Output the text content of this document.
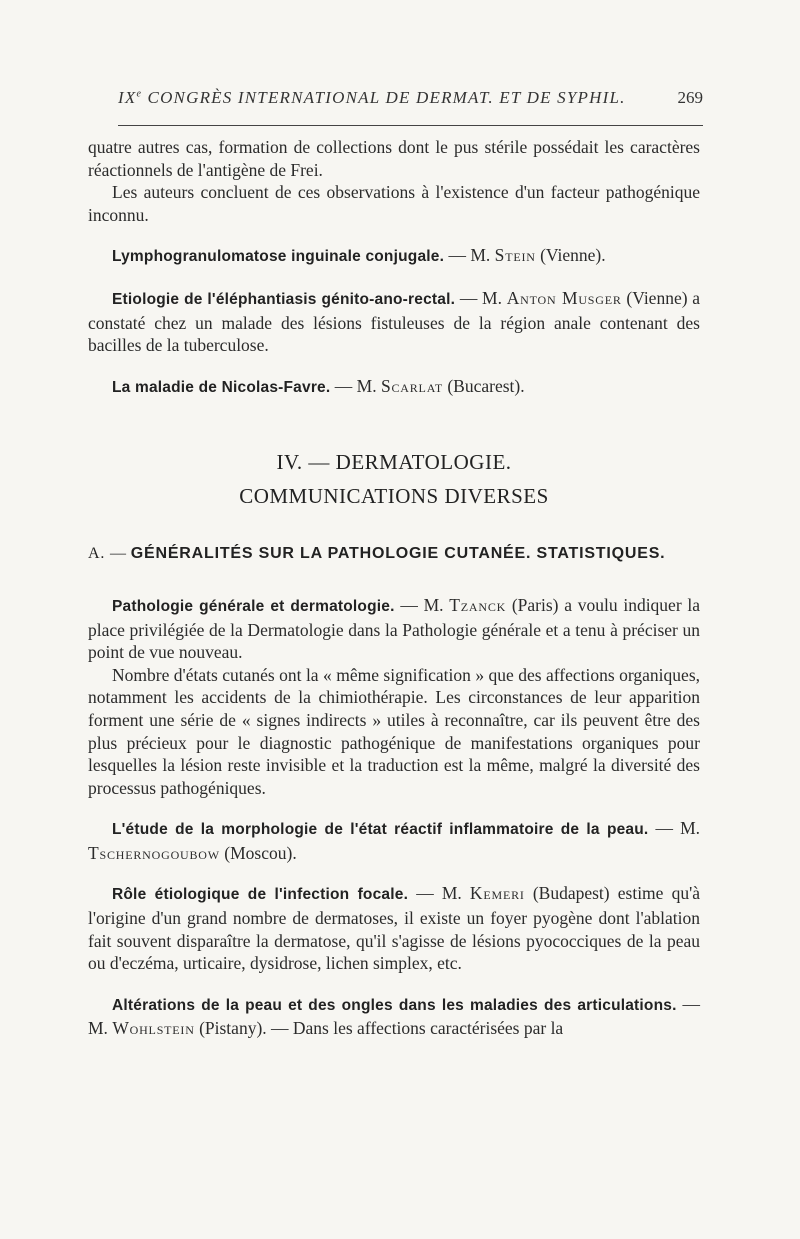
IXe CONGRÈS INTERNATIONAL DE DERMAT. ET DE SYPHIL.	269

quatre autres cas, formation de collections dont le pus stérile possédait les caractères réactionnels de l'antigène de Frei.

Les auteurs concluent de ces observations à l'existence d'un facteur pathogénique inconnu.

Lymphogranulomatose inguinale conjugale. — M. Stein (Vienne).

Etiologie de l'éléphantiasis génito-ano-rectal. — M. Anton Musger (Vienne) a constaté chez un malade des lésions fistuleuses de la région anale contenant des bacilles de la tuberculose.

La maladie de Nicolas-Favre. — M. Scarlat (Bucarest).

IV. — DERMATOLOGIE.
COMMUNICATIONS DIVERSES

A. — GÉNÉRALITÉS SUR LA PATHOLOGIE CUTANÉE. STATISTIQUES.

Pathologie générale et dermatologie. — M. Tzanck (Paris) a voulu indiquer la place privilégiée de la Dermatologie dans la Pathologie générale et a tenu à préciser un point de vue nouveau.

Nombre d'états cutanés ont la « même signification » que des affections organiques, notamment les accidents de la chimiothérapie. Les circonstances de leur apparition forment une série de « signes indirects » utiles à reconnaître, car ils peuvent être des plus précieux pour le diagnostic pathogénique de manifestations organiques pour lesquelles la lésion reste invisible et la traduction est la même, malgré la diversité des processus pathogéniques.

L'étude de la morphologie de l'état réactif inflammatoire de la peau. — M. Tschernogoubow (Moscou).

Rôle étiologique de l'infection focale. — M. Kemeri (Budapest) estime qu'à l'origine d'un grand nombre de dermatoses, il existe un foyer pyogène dont l'ablation fait souvent disparaître la dermatose, qu'il s'agisse de lésions pyococciques de la peau ou d'eczéma, urticaire, dysidrose, lichen simplex, etc.

Altérations de la peau et des ongles dans les maladies des articulations. — M. Wohlstein (Pistany). — Dans les affections caractérisées par la
